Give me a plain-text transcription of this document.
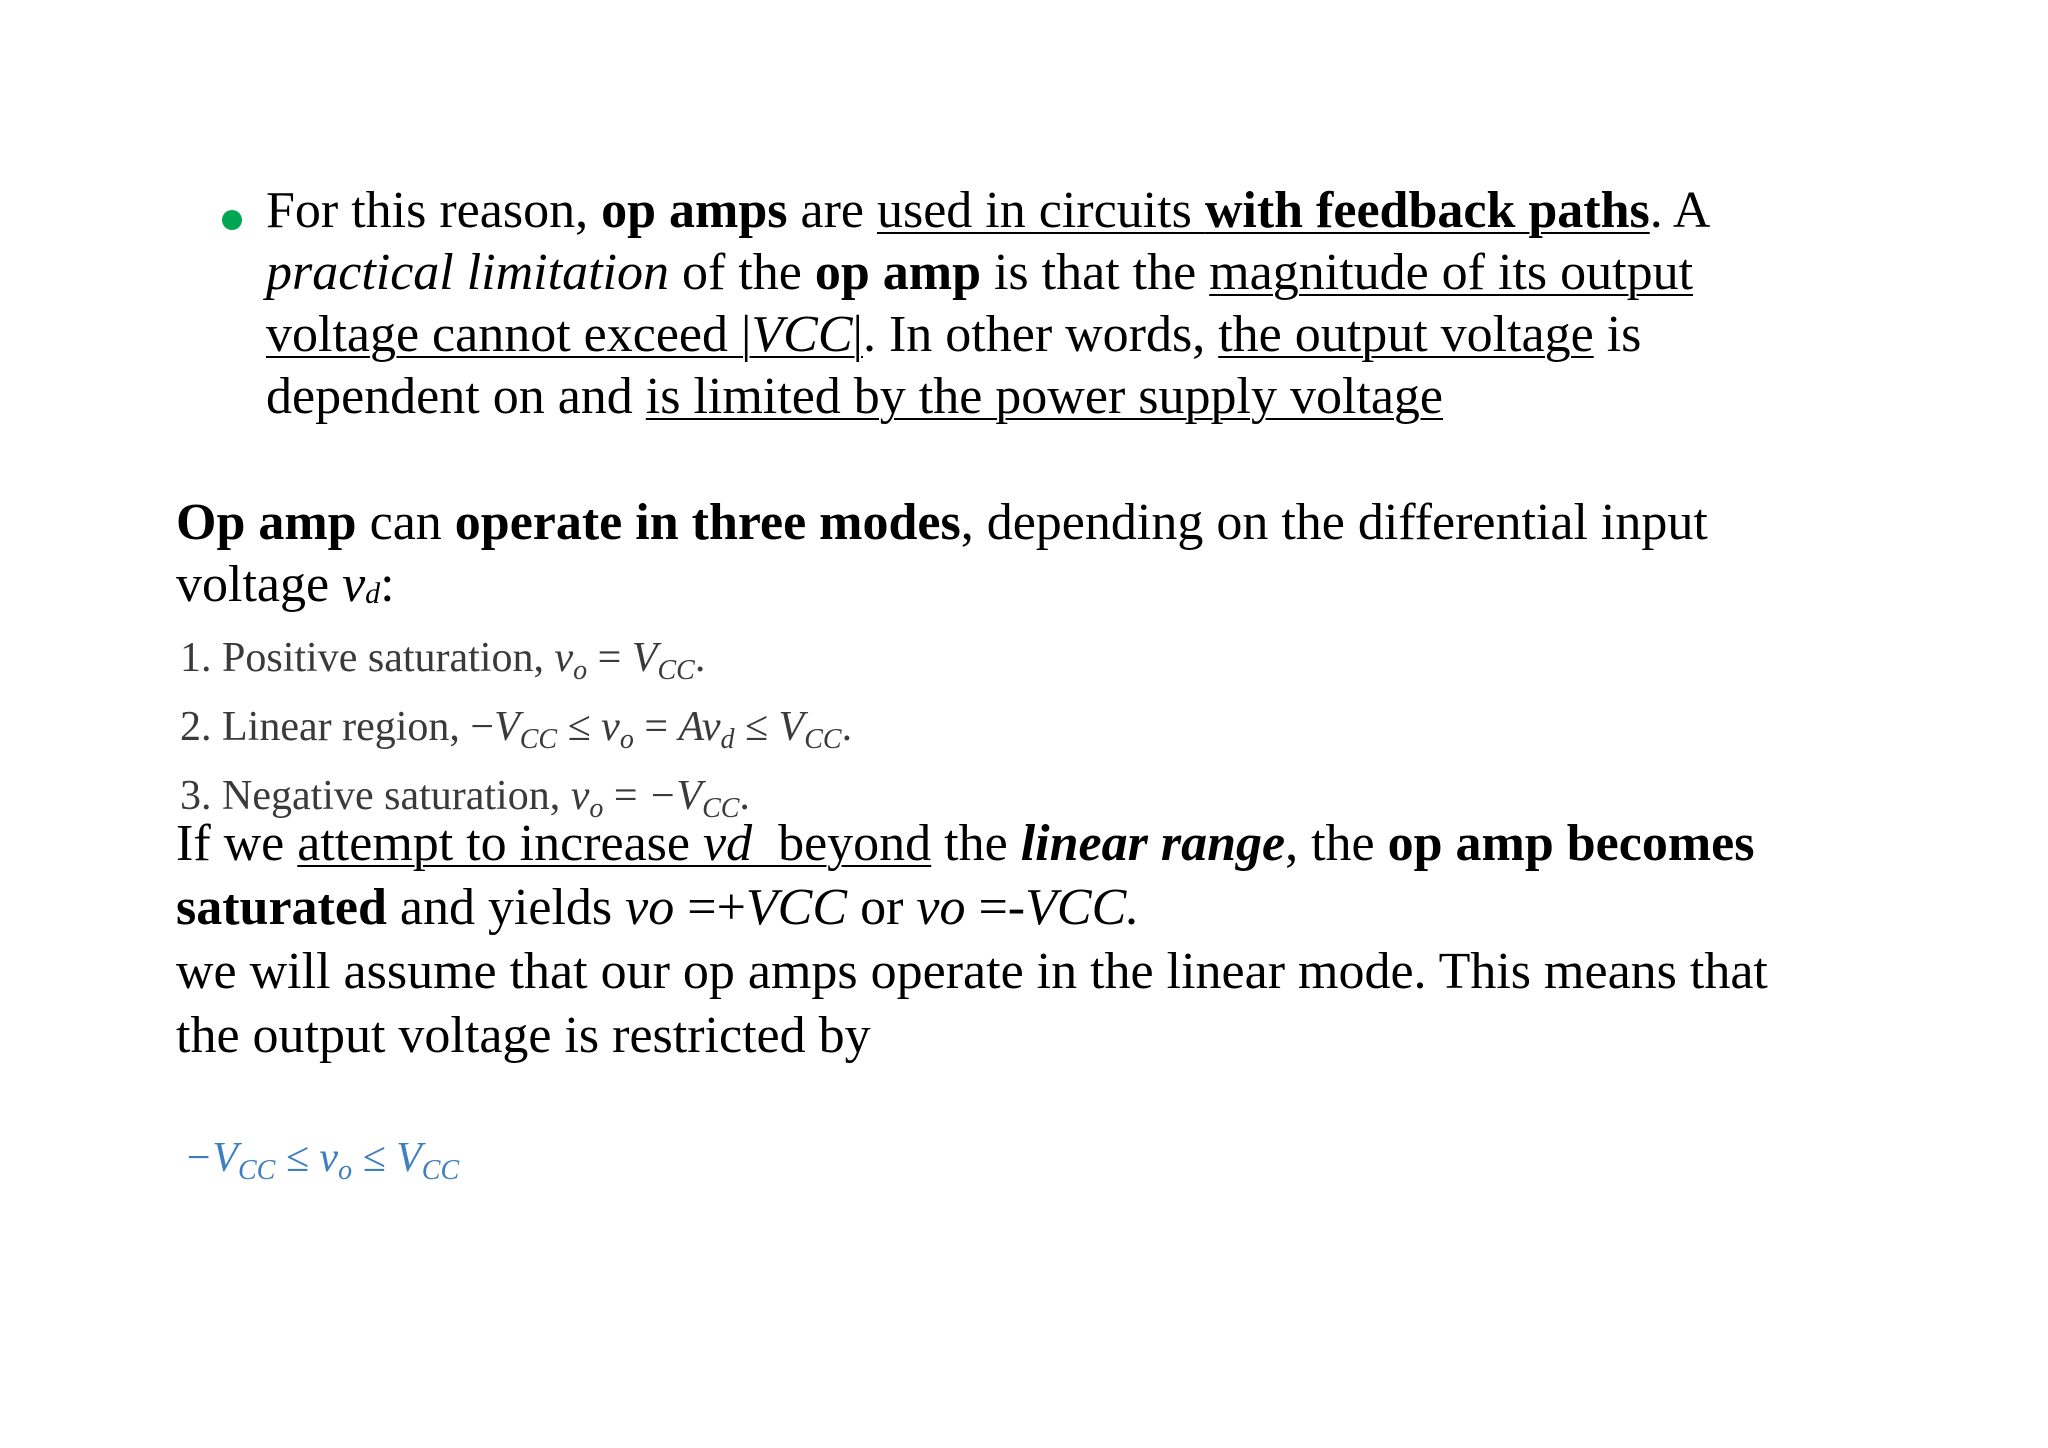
For this reason, op amps are used in circuits with feedback paths. A practical limitation of the op amp is that the magnitude of its output voltage cannot exceed |VCC|. In other words, the output voltage is dependent on and is limited by the power supply voltage
Op amp can operate in three modes, depending on the differential input voltage vd:
1. Positive saturation, vo = VCC.
2. Linear region, −VCC ≤ vo = Avd ≤ VCC.
3. Negative saturation, vo = −VCC.
If we attempt to increase vd  beyond the linear range, the op amp becomes saturated and yields vo =+VCC or vo =-VCC.
we will assume that our op amps operate in the linear mode. This means that the output voltage is restricted by
−VCC ≤ vo ≤ VCC
